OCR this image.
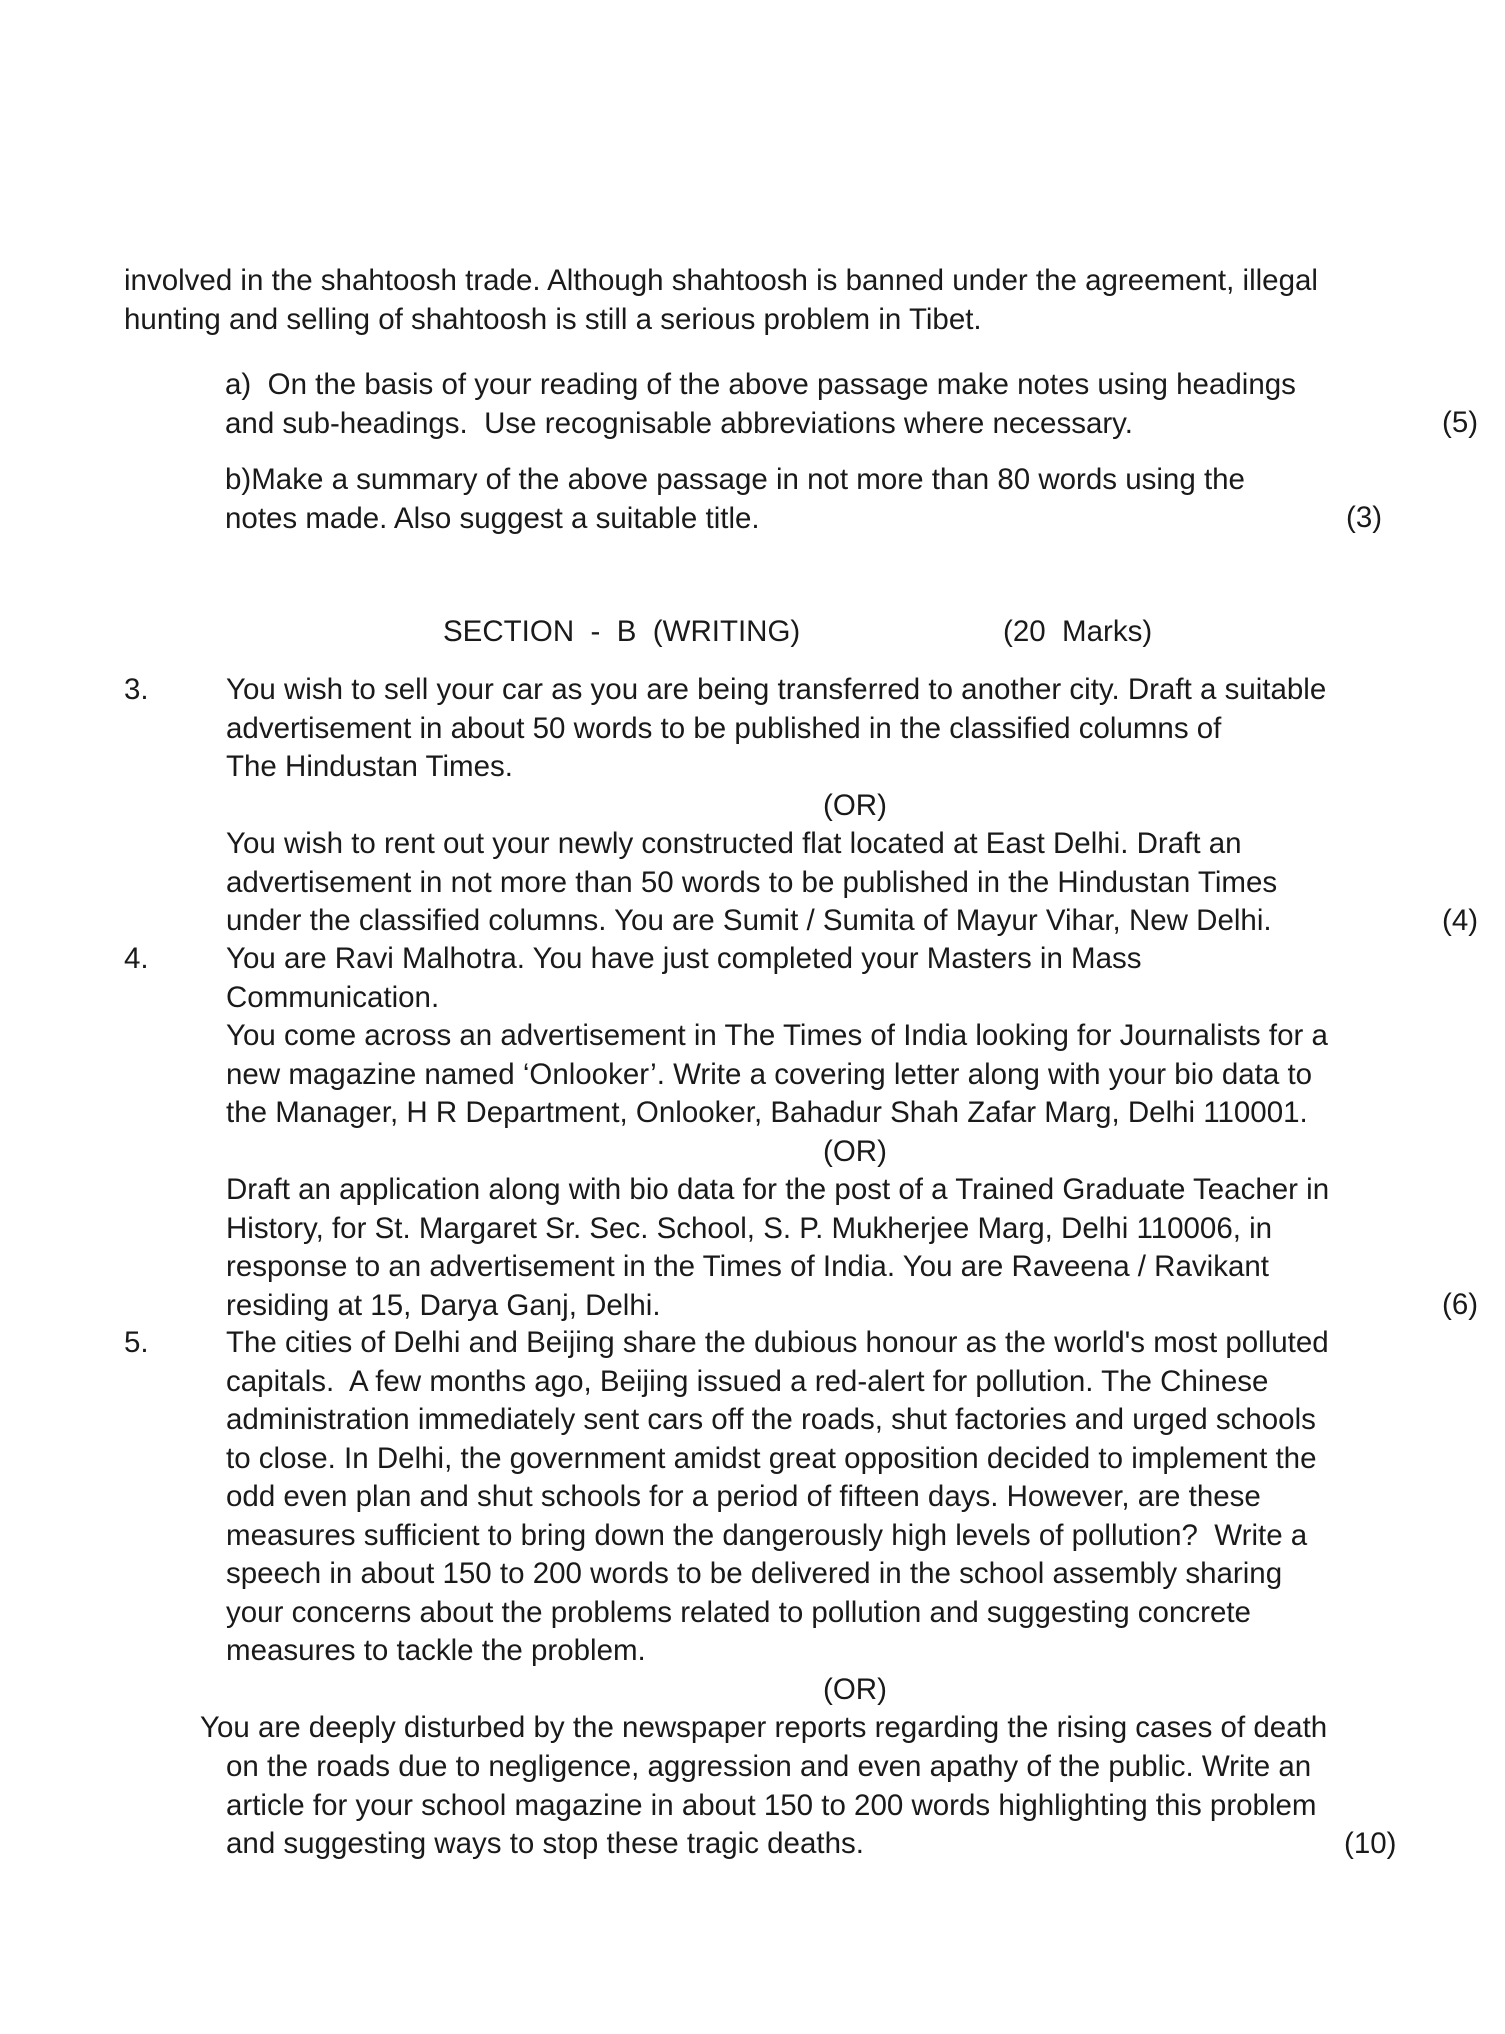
involved in the shahtoosh trade. Although shahtoosh is banned under the agreement, illegal
hunting and selling of shahtoosh is still a serious problem in Tibet.
a)  On the basis of your reading of the above passage make notes using headings
and sub-headings.  Use recognisable abbreviations where necessary.	(5)
b)Make a summary of the above passage in not more than 80 words using the
notes made. Also suggest a suitable title.	(3)
SECTION  -  B  (WRITING)	(20  Marks)
3.	You wish to sell your car as you are being transferred to another city. Draft a suitable
advertisement in about 50 words to be published in the classified columns of
The Hindustan Times.
(OR)
You wish to rent out your newly constructed flat located at East Delhi. Draft an
advertisement in not more than 50 words to be published in the Hindustan Times
under the classified columns. You are Sumit / Sumita of Mayur Vihar, New Delhi.	(4)
4.	You are Ravi Malhotra. You have just completed your Masters in Mass
Communication.
You come across an advertisement in The Times of India looking for Journalists for a
new magazine named ‘Onlooker’. Write a covering letter along with your bio data to
the Manager, H R Department, Onlooker, Bahadur Shah Zafar Marg, Delhi 110001.
(OR)
Draft an application along with bio data for the post of a Trained Graduate Teacher in
History, for St. Margaret Sr. Sec. School, S. P. Mukherjee Marg, Delhi 110006, in
response to an advertisement in the Times of India. You are Raveena / Ravikant
residing at 15, Darya Ganj, Delhi.	(6)
5.	The cities of Delhi and Beijing share the dubious honour as the world's most polluted
capitals.  A few months ago, Beijing issued a red-alert for pollution. The Chinese
administration immediately sent cars off the roads, shut factories and urged schools
to close. In Delhi, the government amidst great opposition decided to implement the
odd even plan and shut schools for a period of fifteen days. However, are these
measures sufficient to bring down the dangerously high levels of pollution?  Write a
speech in about 150 to 200 words to be delivered in the school assembly sharing
your concerns about the problems related to pollution and suggesting concrete
measures to tackle the problem.
(OR)
You are deeply disturbed by the newspaper reports regarding the rising cases of death
on the roads due to negligence, aggression and even apathy of the public. Write an
article for your school magazine in about 150 to 200 words highlighting this problem
and suggesting ways to stop these tragic deaths.	(10)
